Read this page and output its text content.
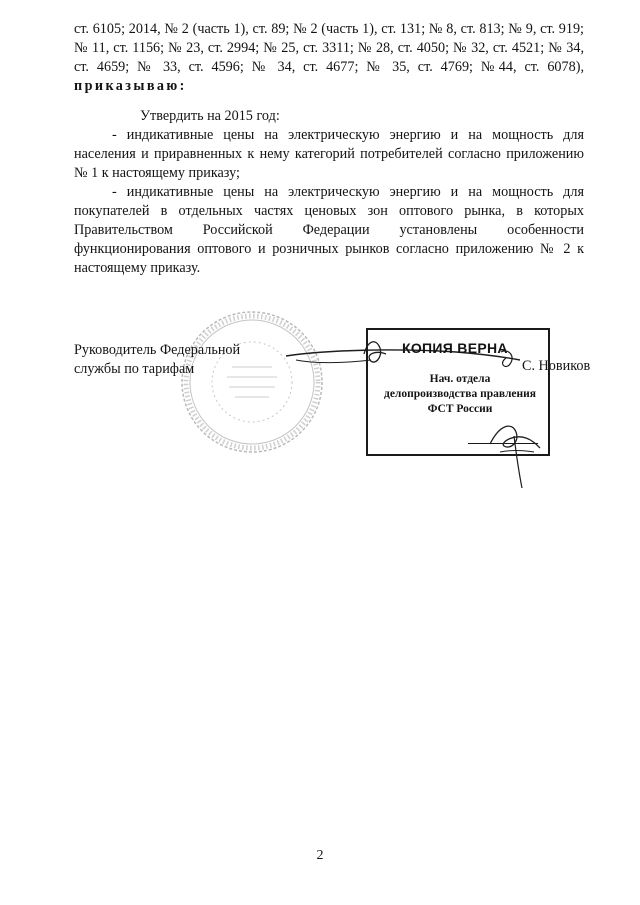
ст. 6105; 2014, № 2 (часть 1), ст. 89; № 2 (часть 1), ст. 131; № 8, ст. 813; № 9, ст. 919; № 11, ст. 1156; № 23, ст. 2994; № 25, ст. 3311; № 28, ст. 4050; № 32, ст. 4521; № 34, ст. 4659; № 33, ст. 4596; № 34, ст. 4677; № 35, ст. 4769; №44, ст. 6078), приказываю:

Утвердить на 2015 год:

- индикативные цены на электрическую энергию и на мощность для населения и приравненных к нему категорий потребителей согласно приложению № 1 к настоящему приказу;

- индикативные цены на электрическую энергию и на мощность для покупателей в отдельных частях ценовых зон оптового рынка, в которых Правительством Российской Федерации установлены особенности функционирования оптового и розничных рынков согласно приложению № 2 к настоящему приказу.

Руководитель Федеральной
службы по тарифам
КОПИЯ ВЕРНА
Нач. отдела
делопроизводства правления
ФСТ России
С. Новиков
2
